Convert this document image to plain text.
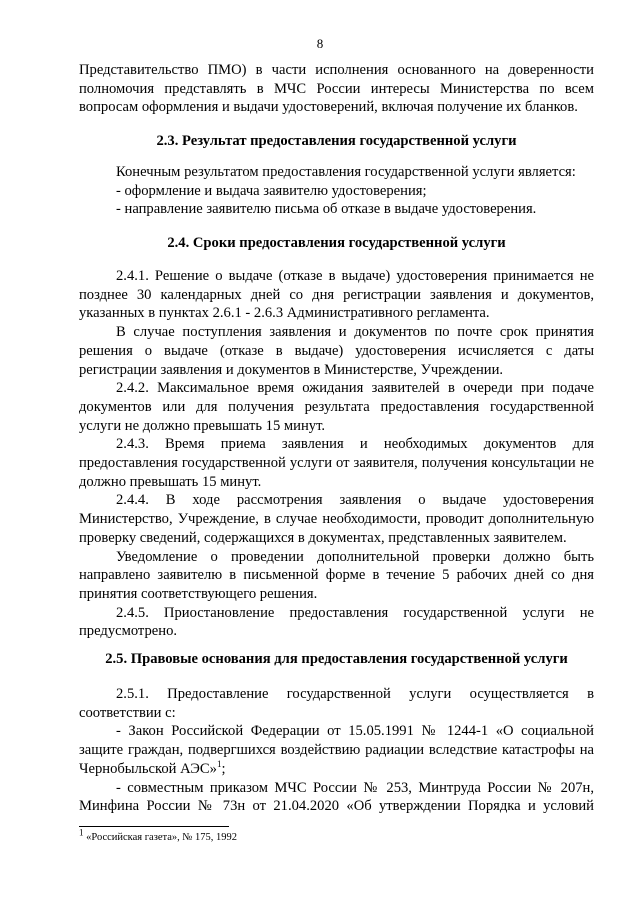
8

Представительство ПМО) в части исполнения основанного на доверенности полномочия представлять в МЧС России интересы Министерства по всем вопросам оформления и выдачи удостоверений, включая получение их бланков.

2.3. Результат предоставления государственной услуги

Конечным результатом предоставления государственной услуги является:

- оформление и выдача заявителю удостоверения;

- направление заявителю письма об отказе в выдаче удостоверения.

2.4. Сроки предоставления государственной услуги

2.4.1. Решение о выдаче (отказе в выдаче) удостоверения принимается не позднее 30 календарных дней со дня регистрации заявления и документов, указанных в пунктах 2.6.1 - 2.6.3 Административного регламента.

В случае поступления заявления и документов по почте срок принятия решения о выдаче (отказе в выдаче) удостоверения исчисляется с даты регистрации заявления и документов в Министерстве, Учреждении.

2.4.2. Максимальное время ожидания заявителей в очереди при подаче документов или для получения результата предоставления государственной услуги не должно превышать 15 минут.

2.4.3. Время приема заявления и необходимых документов для предоставления государственной услуги от заявителя, получения консультации не должно превышать 15 минут.

2.4.4. В ходе рассмотрения заявления о выдаче удостоверения Министерство, Учреждение, в случае необходимости, проводит дополнительную проверку сведений, содержащихся в документах, представленных заявителем.

Уведомление о проведении дополнительной проверки должно быть направлено заявителю в письменной форме в течение 5 рабочих дней со дня принятия соответствующего решения.

2.4.5. Приостановление предоставления государственной услуги не предусмотрено.

2.5. Правовые основания для предоставления государственной услуги

2.5.1. Предоставление государственной услуги осуществляется в соответствии с:

- Закон Российской Федерации от 15.05.1991 № 1244-1 «О социальной защите граждан, подвергшихся воздействию радиации вследствие катастрофы на Чернобыльской АЭС»$^1$;

- совместным приказом МЧС России № 253, Минтруда России № 207н, Минфина России № 73н от 21.04.2020 «Об утверждении Порядка и условий

$^1$ «Российская газета», № 175, 1992
